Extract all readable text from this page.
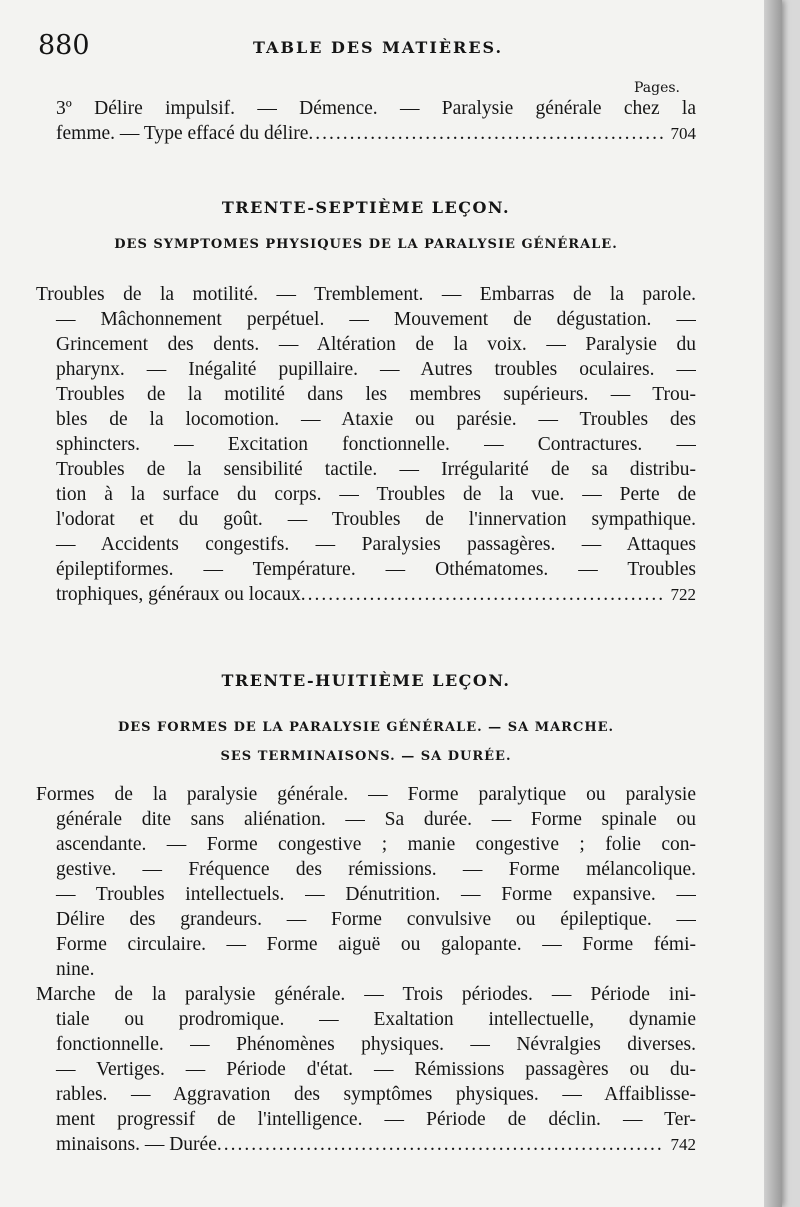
880	TABLE DES MATIÈRES.
Pages.
3º Délire impulsif. — Démence. — Paralysie générale chez la
femme. — Type effacé du délire .....	704
TRENTE-SEPTIÈME LEÇON.
DES SYMPTOMES PHYSIQUES DE LA PARALYSIE GÉNÉRALE.
Troubles de la motilité. — Tremblement. — Embarras de la parole.
— Mâchonnement perpétuel. — Mouvement de dégustation. —
Grincement des dents. — Altération de la voix. — Paralysie du
pharynx. — Inégalité pupillaire. — Autres troubles oculaires. —
Troubles de la motilité dans les membres supérieurs. — Trou-
bles de la locomotion. — Ataxie ou parésie. — Troubles des
sphincters. — Excitation fonctionnelle. — Contractures. —
Troubles de la sensibilité tactile. — Irrégularité de sa distribu-
tion à la surface du corps. — Troubles de la vue. — Perte de
l'odorat et du goût. — Troubles de l'innervation sympathique.
— Accidents congestifs. — Paralysies passagères. — Attaques
épileptiformes. — Température. — Othématomes. — Troubles
trophiques, généraux ou locaux .....	722
TRENTE-HUITIÈME LEÇON.
DES FORMES DE LA PARALYSIE GÉNÉRALE. — SA MARCHE.
SES TERMINAISONS. — SA DURÉE.
Formes de la paralysie générale. — Forme paralytique ou paralysie
générale dite sans aliénation. — Sa durée. — Forme spinale ou
ascendante. — Forme congestive ; manie congestive ; folie con-
gestive. — Fréquence des rémissions. — Forme mélancolique.
— Troubles intellectuels. — Dénutrition. — Forme expansive. —
Délire des grandeurs. — Forme convulsive ou épileptique. —
Forme circulaire. — Forme aiguë ou galopante. — Forme fémi-
nine.
Marche de la paralysie générale. — Trois périodes. — Période ini-
tiale ou prodromique. — Exaltation intellectuelle, dynamie
fonctionnelle. — Phénomènes physiques. — Névralgies diverses.
— Vertiges. — Période d'état. — Rémissions passagères ou du-
rables. — Aggravation des symptômes physiques. — Affaiblisse-
ment progressif de l'intelligence. — Période de déclin. — Ter-
minaisons. — Durée .....	742
